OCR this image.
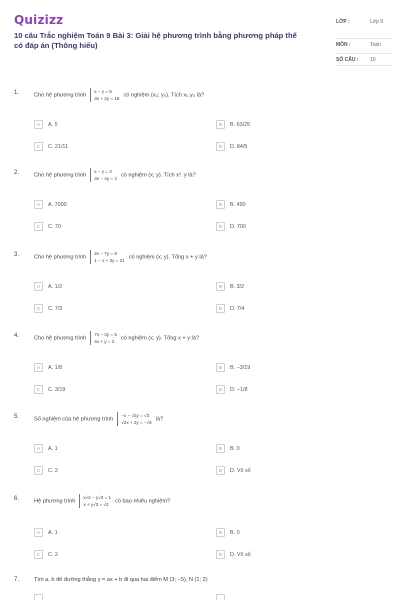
Quizizz
10 câu Trắc nghiệm Toán 9 Bài 3: Giải hệ phương trình bằng phương pháp thế có đáp án (Thông hiểu)
LỚP :	Lớp 9
MÔN :	Toán
SỐ CÂU : 10
1.	Cho hệ phương trìnhx − y = 5
3x + 2y = 18có nghiệm (x₀; y₀). Tích x₀.y₀ là?
A	A. 5	B	B. 63/25
C	C. 21/11	D	D. 84/5
2.	Cho hệ phương trìnhx − y = 3
3x − 4y = 2có nghiệm (x; y). Tích x². y là?
A	A. 7000	B	B. 490
C	C. 70	D	D. 700
3.	Cho hệ phương trình2x − 7y = 8
1 − x + 3y = 21có nghiệm (x; y). Tổng x + y là?
A	A. 1/2	B	B. 3/2
C	C. 7/3	D	D. 7/4
4.	Cho hệ phương trình7x − 3y = 5
4x + y = 2có nghiệm (x; y). Tổng x + y là?
A	A. 1/8	B	B. −3/19
C	C. 3/19	D	D. −1/8
5.	Số nghiệm của hệ phương trình−x − √2y = √3
√2x + 2y = −√6là?
A	A. 1	B	B. 0
C	C. 2	D	D. Vô số
6.	Hệ phương trìnhx√2 − y√3 = 1
x + y√3 = √2có bao nhiêu nghiệm?
A	A. 1	B	B. 0
C	C. 2	D	D. Vô số
7.	Tìm a, b để đường thẳng y = ax + b đi qua hai điểm M (3; −5), N (1; 2)
